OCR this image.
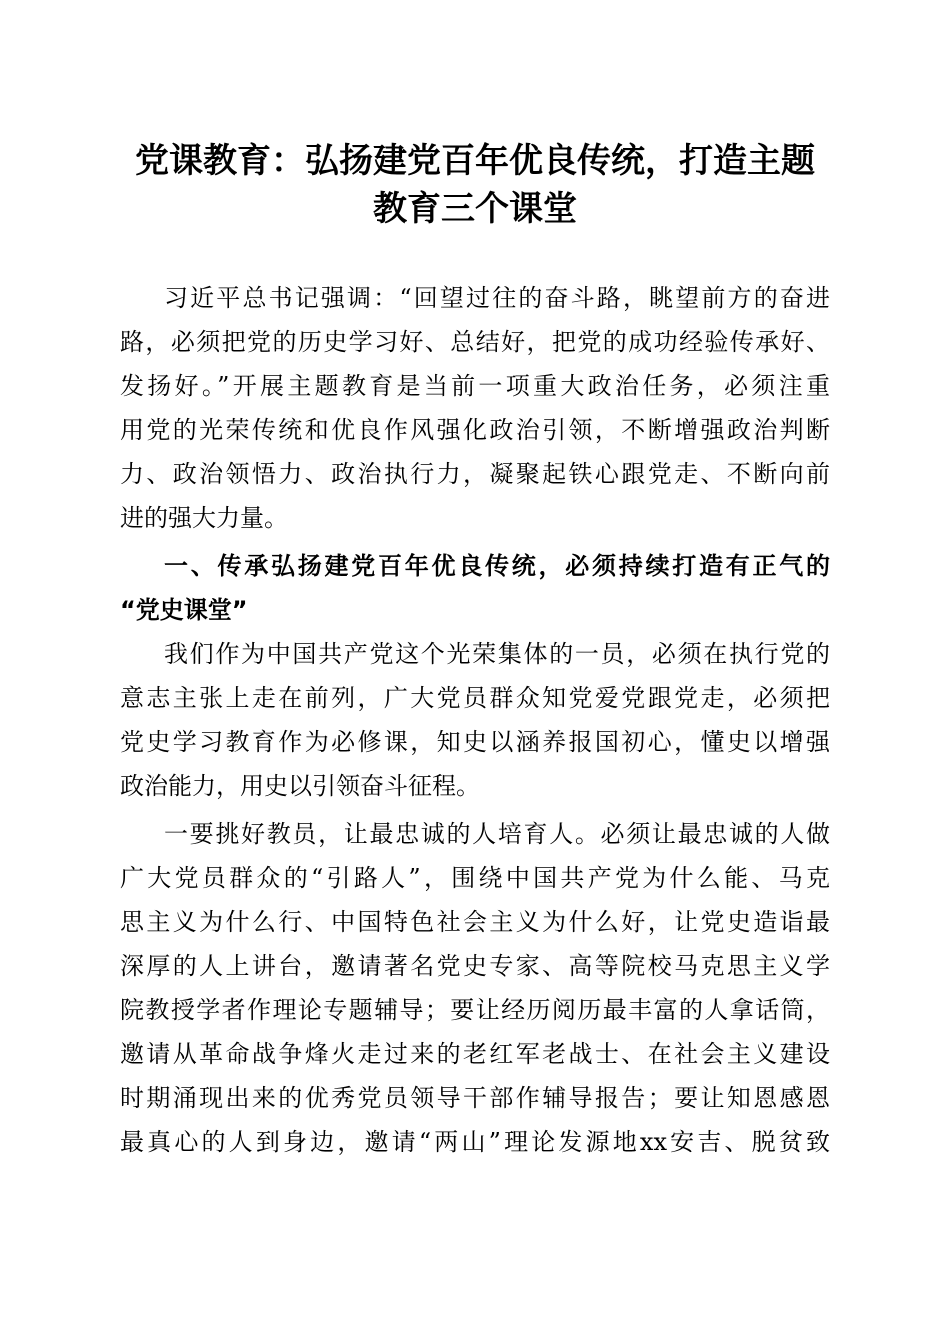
党课教育：弘扬建党百年优良传统，打造主题
教育三个课堂
习近平总书记强调：“回望过往的奋斗路，眺望前方的奋进
路，必须把党的历史学习好、总结好，把党的成功经验传承好、
发扬好。”开展主题教育是当前一项重大政治任务，必须注重
用党的光荣传统和优良作风强化政治引领，不断增强政治判断
力、政治领悟力、政治执行力，凝聚起铁心跟党走、不断向前
进的强大力量。
一、传承弘扬建党百年优良传统，必须持续打造有正气的
“党史课堂”
我们作为中国共产党这个光荣集体的一员，必须在执行党的
意志主张上走在前列，广大党员群众知党爱党跟党走，必须把
党史学习教育作为必修课，知史以涵养报国初心，懂史以增强
政治能力，用史以引领奋斗征程。
一要挑好教员，让最忠诚的人培育人。必须让最忠诚的人做
广大党员群众的“引路人”，围绕中国共产党为什么能、马克
思主义为什么行、中国特色社会主义为什么好，让党史造诣最
深厚的人上讲台，邀请著名党史专家、高等院校马克思主义学
院教授学者作理论专题辅导；要让经历阅历最丰富的人拿话筒，
邀请从革命战争烽火走过来的老红军老战士、在社会主义建设
时期涌现出来的优秀党员领导干部作辅导报告；要让知恩感恩
最真心的人到身边，邀请“两山”理论发源地xx安吉、脱贫致
